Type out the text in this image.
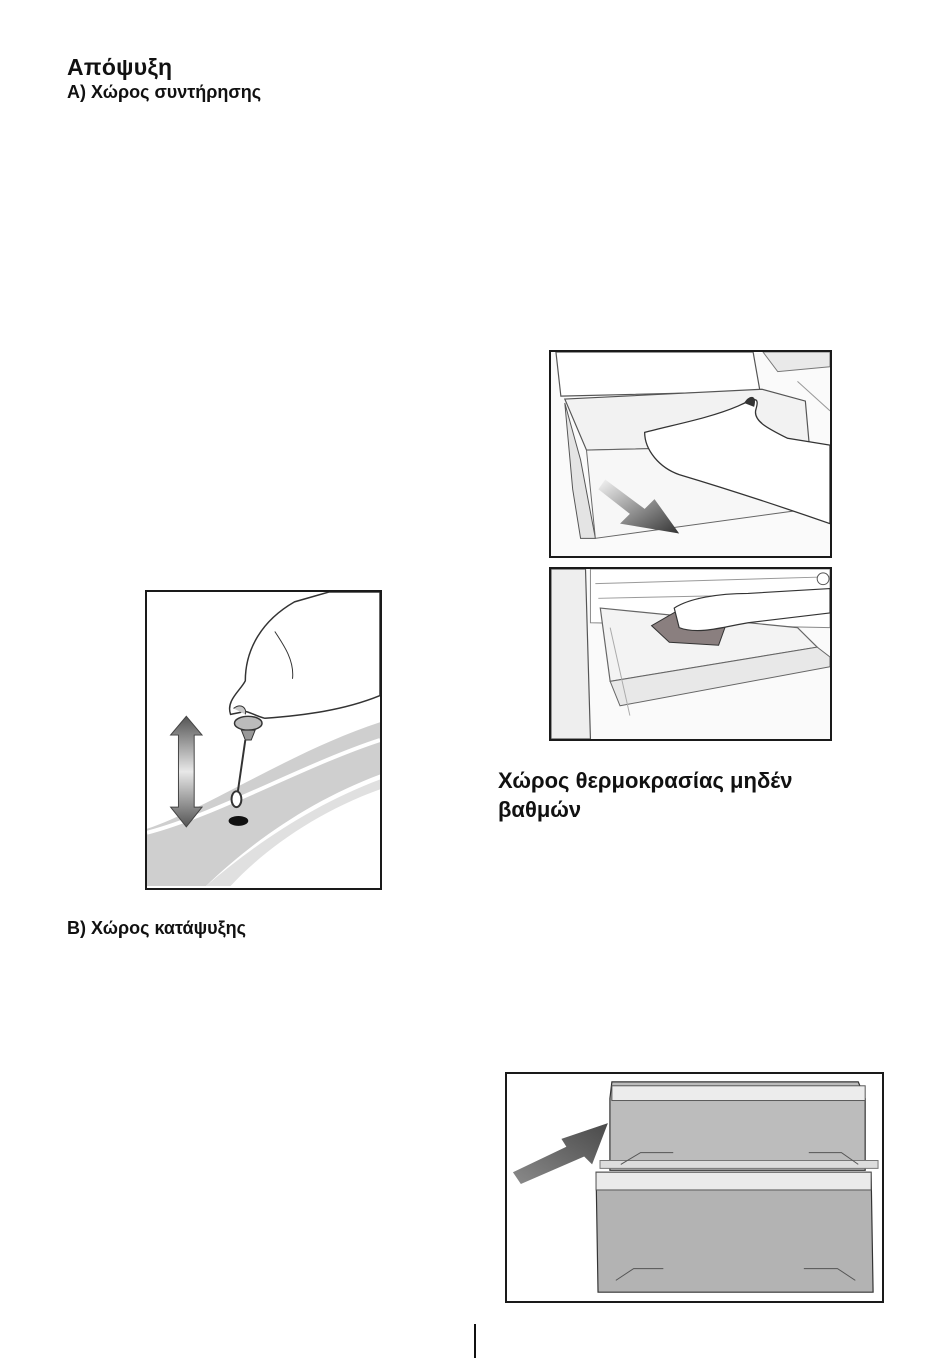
Απόψυξη
A) Χώρος συντήρησης
Χώρος θερμοκρασίας μηδέν
βαθμών
B) Χώρος κατάψυξης
